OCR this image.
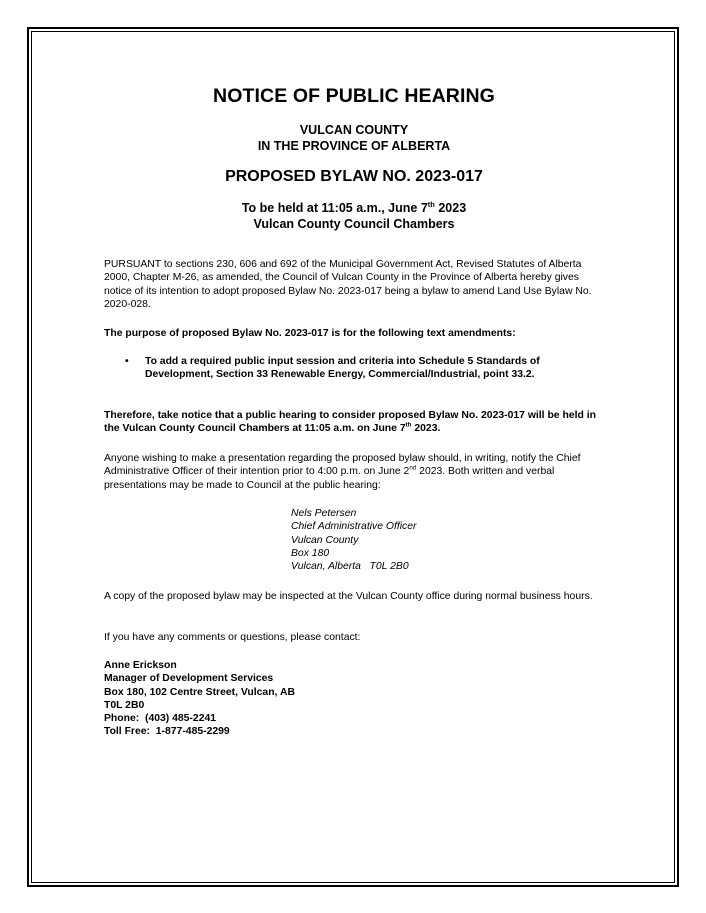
NOTICE OF PUBLIC HEARING
VULCAN COUNTY
IN THE PROVINCE OF ALBERTA
PROPOSED BYLAW NO. 2023-017
To be held at 11:05 a.m., June 7th 2023
Vulcan County Council Chambers

PURSUANT to sections 230, 606 and 692 of the Municipal Government Act, Revised Statutes of Alberta 2000, Chapter M-26, as amended, the Council of Vulcan County in the Province of Alberta hereby gives notice of its intention to adopt proposed Bylaw No. 2023-017 being a bylaw to amend Land Use Bylaw No. 2020-028.

The purpose of proposed Bylaw No. 2023-017 is for the following text amendments:

• To add a required public input session and criteria into Schedule 5 Standards of Development, Section 33 Renewable Energy, Commercial/Industrial, point 33.2.

Therefore, take notice that a public hearing to consider proposed Bylaw No. 2023-017 will be held in the Vulcan County Council Chambers at 11:05 a.m. on June 7th 2023.

Anyone wishing to make a presentation regarding the proposed bylaw should, in writing, notify the Chief Administrative Officer of their intention prior to 4:00 p.m. on June 2nd 2023. Both written and verbal presentations may be made to Council at the public hearing:

Nels Petersen
Chief Administrative Officer
Vulcan County
Box 180
Vulcan, Alberta   T0L 2B0

A copy of the proposed bylaw may be inspected at the Vulcan County office during normal business hours.

If you have any comments or questions, please contact:

Anne Erickson
Manager of Development Services
Box 180, 102 Centre Street, Vulcan, AB
T0L 2B0
Phone:  (403) 485-2241
Toll Free:  1-877-485-2299
